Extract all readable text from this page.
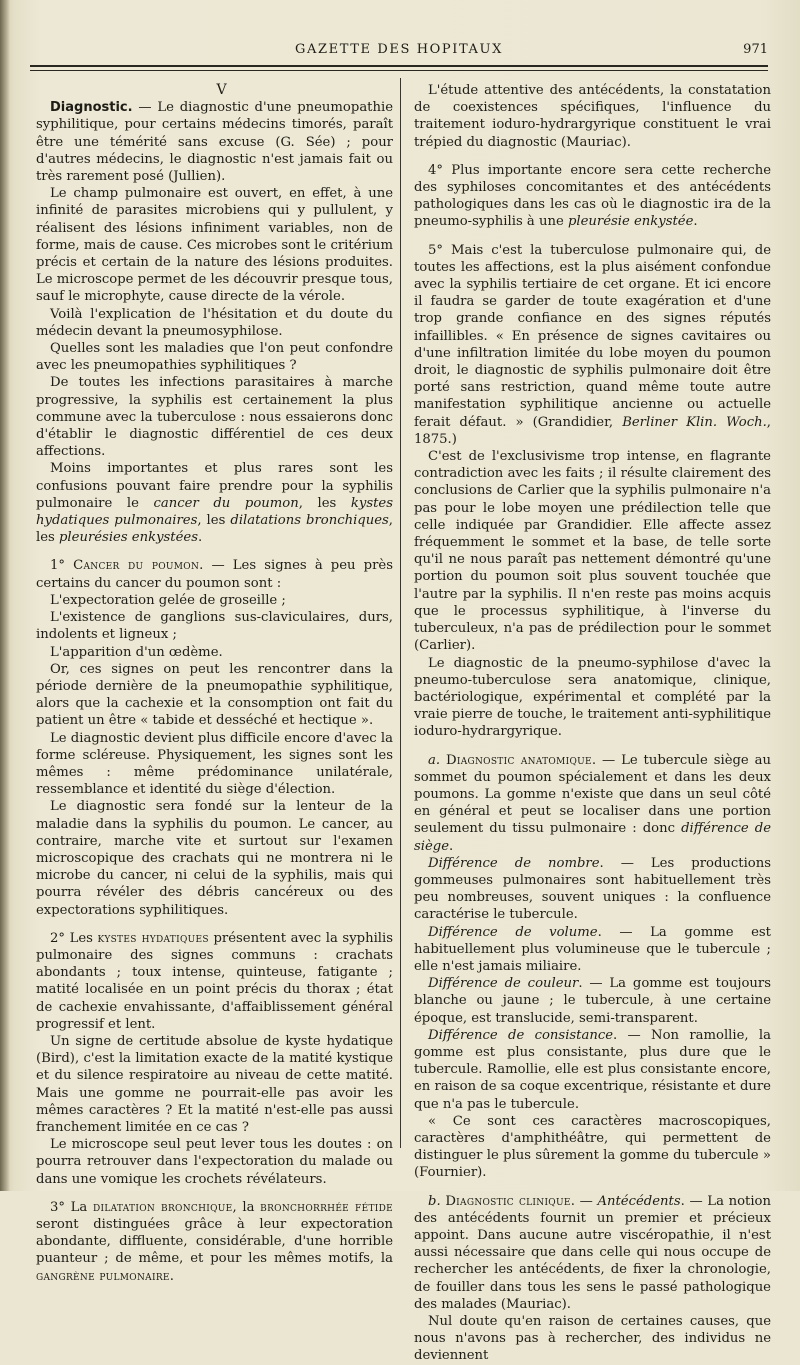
GAZETTE DES HOPITAUX	971

V

Diagnostic. — Le diagnostic d'une pneumopathie syphilitique, pour certains médecins timorés, paraît être une témérité sans excuse (G. Sée) ; pour d'autres médecins, le diagnostic n'est jamais fait ou très rarement posé (Jullien).

Le champ pulmonaire est ouvert, en effet, à une infinité de parasites microbiens qui y pullulent, y réalisent des lésions infiniment variables, non de forme, mais de cause. Ces microbes sont le critérium précis et certain de la nature des lésions produites. Le microscope permet de les découvrir presque tous, sauf le microphyte, cause directe de la vérole.

Voilà l'explication de l'hésitation et du doute du médecin devant la pneumosyphilose.

Quelles sont les maladies que l'on peut confondre avec les pneumopathies syphilitiques ?

De toutes les infections parasitaires à marche progressive, la syphilis est certainement la plus commune avec la tuberculose : nous essaierons donc d'établir le diagnostic différentiel de ces deux affections.

Moins importantes et plus rares sont les confusions pouvant faire prendre pour la syphilis pulmonaire le cancer du poumon, les kystes hydatiques pulmonaires, les dilatations bronchiques, les pleurésies enkystées.

1° Cancer du poumon. — Les signes à peu près certains du cancer du poumon sont :

L'expectoration gelée de groseille ;

L'existence de ganglions sus-claviculaires, durs, indolents et ligneux ;

L'apparition d'un œdème.

Or, ces signes on peut les rencontrer dans la période dernière de la pneumopathie syphilitique, alors que la cachexie et la consomption ont fait du patient un être « tabide et desséché et hectique ».

Le diagnostic devient plus difficile encore d'avec la forme scléreuse. Physiquement, les signes sont les mêmes : même prédominance unilatérale, ressemblance et identité du siège d'élection.

Le diagnostic sera fondé sur la lenteur de la maladie dans la syphilis du poumon. Le cancer, au contraire, marche vite et surtout sur l'examen microscopique des crachats qui ne montrera ni le microbe du cancer, ni celui de la syphilis, mais qui pourra révéler des débris cancéreux ou des expectorations syphilitiques.

2° Les kystes hydatiques présentent avec la syphilis pulmonaire des signes communs : crachats abondants ; toux intense, quinteuse, fatigante ; matité localisée en un point précis du thorax ; état de cachexie envahissante, d'affaiblissement général progressif et lent.

Un signe de certitude absolue de kyste hydatique (Bird), c'est la limitation exacte de la matité kystique et du silence respiratoire au niveau de cette matité. Mais une gomme ne pourrait-elle pas avoir les mêmes caractères ? Et la matité n'est-elle pas aussi franchement limitée en ce cas ?

Le microscope seul peut lever tous les doutes : on pourra retrouver dans l'expectoration du malade ou dans une vomique les crochets révélateurs.

3° La dilatation bronchique, la bronchorrhée fétide seront distinguées grâce à leur expectoration abondante, diffluente, considérable, d'une horrible puanteur ; de même, et pour les mêmes motifs, la gangrène pulmonaire.

L'étude attentive des antécédents, la constatation de coexistences spécifiques, l'influence du traitement ioduro-hydrargyrique constituent le vrai trépied du diagnostic (Mauriac).

4° Plus importante encore sera cette recherche des syphiloses concomitantes et des antécédents pathologiques dans les cas où le diagnostic ira de la pneumo-syphilis à une pleurésie enkystée.

5° Mais c'est la tuberculose pulmonaire qui, de toutes les affections, est la plus aisément confondue avec la syphilis tertiaire de cet organe. Et ici encore il faudra se garder de toute exagération et d'une trop grande confiance en des signes réputés infaillibles. « En présence de signes cavitaires ou d'une infiltration limitée du lobe moyen du poumon droit, le diagnostic de syphilis pulmonaire doit être porté sans restriction, quand même toute autre manifestation syphilitique ancienne ou actuelle ferait défaut. » (Grandidier, Berliner Klin. Woch., 1875.)

C'est de l'exclusivisme trop intense, en flagrante contradiction avec les faits ; il résulte clairement des conclusions de Carlier que la syphilis pulmonaire n'a pas pour le lobe moyen une prédilection telle que celle indiquée par Grandidier. Elle affecte assez fréquemment le sommet et la base, de telle sorte qu'il ne nous paraît pas nettement démontré qu'une portion du poumon soit plus souvent touchée que l'autre par la syphilis. Il n'en reste pas moins acquis que le processus syphilitique, à l'inverse du tuberculeux, n'a pas de prédilection pour le sommet (Carlier).

Le diagnostic de la pneumo-syphilose d'avec la pneumo-tuberculose sera anatomique, clinique, bactériologique, expérimental et complété par la vraie pierre de touche, le traitement anti-syphilitique ioduro-hydrargyrique.

a. Diagnostic anatomique. — Le tubercule siège au sommet du poumon spécialement et dans les deux poumons. La gomme n'existe que dans un seul côté en général et peut se localiser dans une portion seulement du tissu pulmonaire : donc différence de siège.

Différence de nombre. — Les productions gommeuses pulmonaires sont habituellement très peu nombreuses, souvent uniques : la confluence caractérise le tubercule.

Différence de volume. — La gomme est habituellement plus volumineuse que le tubercule ; elle n'est jamais miliaire.

Différence de couleur. — La gomme est toujours blanche ou jaune ; le tubercule, à une certaine époque, est translucide, semi-transparent.

Différence de consistance. — Non ramollie, la gomme est plus consistante, plus dure que le tubercule. Ramollie, elle est plus consistante encore, en raison de sa coque excentrique, résistante et dure que n'a pas le tubercule.

« Ce sont ces caractères macroscopiques, caractères d'amphithéâtre, qui permettent de distinguer le plus sûrement la gomme du tubercule » (Fournier).

b. Diagnostic clinique. — Antécédents. — La notion des antécédents fournit un premier et précieux appoint. Dans aucune autre viscéropathie, il n'est aussi nécessaire que dans celle qui nous occupe de rechercher les antécédents, de fixer la chronologie, de fouiller dans tous les sens le passé pathologique des malades (Mauriac).

Nul doute qu'en raison de certaines causes, que nous n'avons pas à rechercher, des individus ne deviennent
